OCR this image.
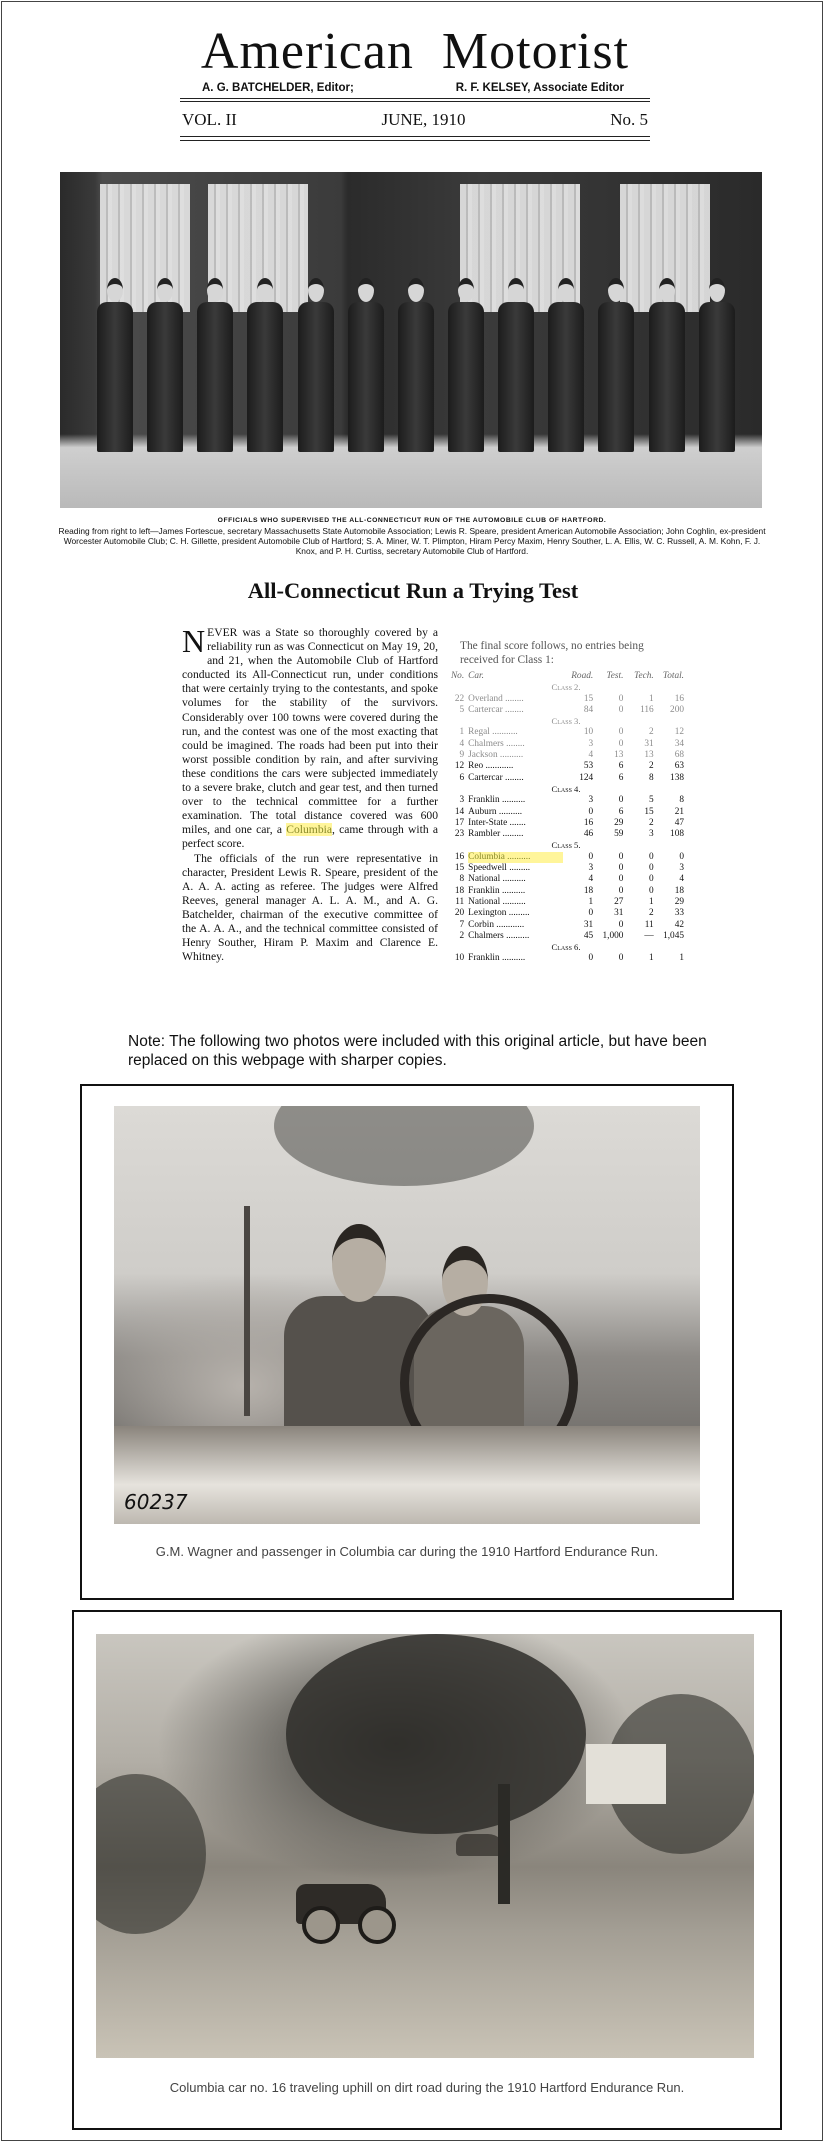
American Motorist
A. G. BATCHELDER, Editor;	R. F. KELSEY, Associate Editor
VOL. II	JUNE, 1910	No. 5
OFFICIALS WHO SUPERVISED THE ALL-CONNECTICUT RUN OF THE AUTOMOBILE CLUB OF HARTFORD.
Reading from right to left—James Fortescue, secretary Massachusetts State Automobile Association; Lewis R. Speare, president American Automobile Association; John Coghlin, ex-president Worcester Automobile Club; C. H. Gillette, president Automobile Club of Hartford; S. A. Miner, W. T. Plimpton, Hiram Percy Maxim, Henry Souther, L. A. Ellis, W. C. Russell, A. M. Kohn, F. J. Knox, and P. H. Curtiss, secretary Automobile Club of Hartford.
All-Connecticut Run a Trying Test

NEVER was a State so thoroughly covered by a reliability run as was Connecticut on May 19, 20, and 21, when the Automobile Club of Hartford conducted its All-Connecticut run, under conditions that were certainly trying to the contestants, and spoke volumes for the stability of the survivors. Considerably over 100 towns were covered during the run, and the contest was one of the most exacting that could be imagined. The roads had been put into their worst possible condition by rain, and after surviving these conditions the cars were subjected immediately to a severe brake, clutch and gear test, and then turned over to the technical committee for a further examination. The total distance covered was 600 miles, and one car, a Columbia, came through with a perfect score.

The officials of the run were representative in character, President Lewis R. Speare, president of the A. A. A. acting as referee. The judges were Alfred Reeves, general manager A. L. A. M., and A. G. Batchelder, chairman of the executive committee of the A. A. A., and the technical committee consisted of Henry Souther, Hiram P. Maxim and Clarence E. Whitney.

The final score follows, no entries being received for Class 1:

No.	Car.	Road.	Test.	Tech.	Total.
Class 2.					
22	Overland ........	15	0	1	16
5	Cartercar ........	84	0	116	200
Class 3.					
1	Regal ...........	10	0	2	12
4	Chalmers ........	3	0	31	34
9	Jackson ..........	4	13	13	68
12	Reo ............	53	6	2	63
6	Cartercar ........	124	6	8	138
Class 4.					
3	Franklin ..........	3	0	5	8
14	Auburn ..........	0	6	15	21
17	Inter-State .......	16	29	2	47
23	Rambler .........	46	59	3	108
Class 5.					
16	Columbia ..........	0	0	0	0
15	Speedwell .........	3	0	0	3
8	National ..........	4	0	0	4
18	Franklin ..........	18	0	0	18
11	National ..........	1	27	1	29
20	Lexington .........	0	31	2	33
7	Corbin ............	31	0	11	42
2	Chalmers ..........	45	1,000	—	1,045
Class 6.					
10	Franklin ..........	0	0	1	1
Note: The following two photos were included with this original article, but have been replaced on this webpage with sharper copies.
60237
G.M. Wagner and passenger in Columbia car during the 1910 Hartford Endurance Run.
Columbia car no. 16 traveling uphill on dirt road during the 1910 Hartford Endurance Run.
